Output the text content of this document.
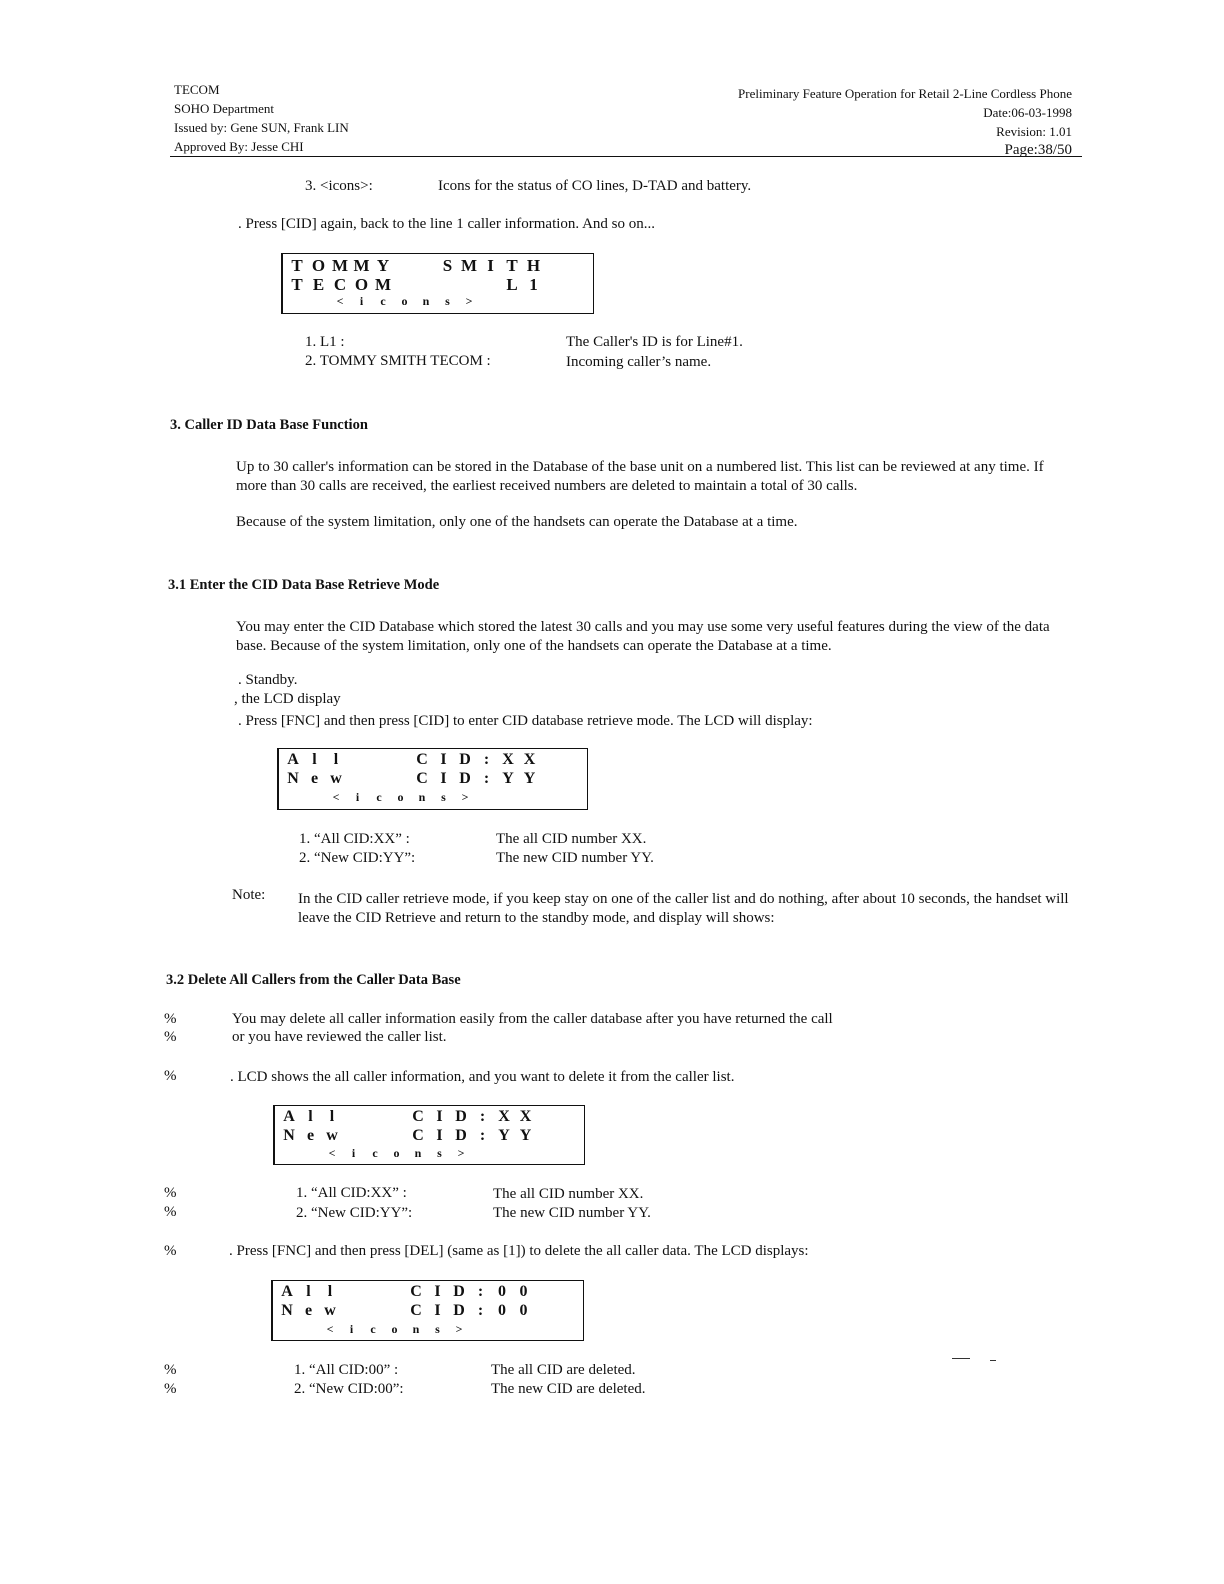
TECOM
SOHO Department
Issued by: Gene SUN, Frank LIN
Approved By: Jesse CHI
Preliminary Feature Operation for Retail 2-Line Cordless Phone
Date:06-03-1998
Revision: 1.01
Page:38/50
3. <icons>:	Icons for the status of CO lines, D-TAD and battery.
. Press [CID] again, back to the line 1 caller information. And so on...
T O M M Y	S M I T H
T E C O M	L 1
<	i	c	o	n	s	>
1. L1 :	The Caller's ID is for Line#1.
2. TOMMY SMITH TECOM :	Incoming caller’s name.
3. Caller ID Data Base Function
Up to 30 caller's information can be stored in the Database of the base unit on a numbered list. This list can be reviewed at any time. If more than 30 calls are received, the earliest received numbers are deleted to maintain a total of 30 calls.
Because of the system limitation, only one of the handsets can operate the Database at a time.
3.1 Enter the CID Data Base Retrieve Mode
You may enter the CID Database which stored the latest 30 calls and you may use some very useful features during the view of the data base. Because of the system limitation, only one of the handsets can operate the Database at a time.
. Standby.
, the LCD display
. Press [FNC] and then press [CID] to enter CID database retrieve mode. The LCD will display:
A l	l	C I D : X X
N e w	C I D : Y Y
<	i	c	o	n	s	>
1. “All CID:XX” :	The all CID number XX.
2. “New CID:YY”:	The new CID number YY.
Note: In the CID caller retrieve mode, if you keep stay on one of the caller list and do nothing, after about 10 seconds, the handset will leave the CID Retrieve and return to the standby mode, and display will shows:
3.2 Delete All Callers from the Caller Data Base
%	You may delete all caller information easily from the caller database after you have returned the call
%	or you have reviewed the caller list.
%	. LCD shows the all caller information, and you want to delete it from the caller list.
A l	l	C I D : X X
N e w	C I D : Y Y
<	i	c	o	n	s	>
%	1. “All CID:XX” :	The all CID number XX.
%	2. “New CID:YY”:	The new CID number YY.
%	. Press [FNC] and then press [DEL] (same as [1]) to delete the all caller data. The LCD displays:
A l	l	C I D : 0 0
N e w	C I D : 0 0
<	i	c	o	n	s	>
%	1. “All CID:00” :	The all CID are deleted.
%	2. “New CID:00”:	The new CID are deleted.
